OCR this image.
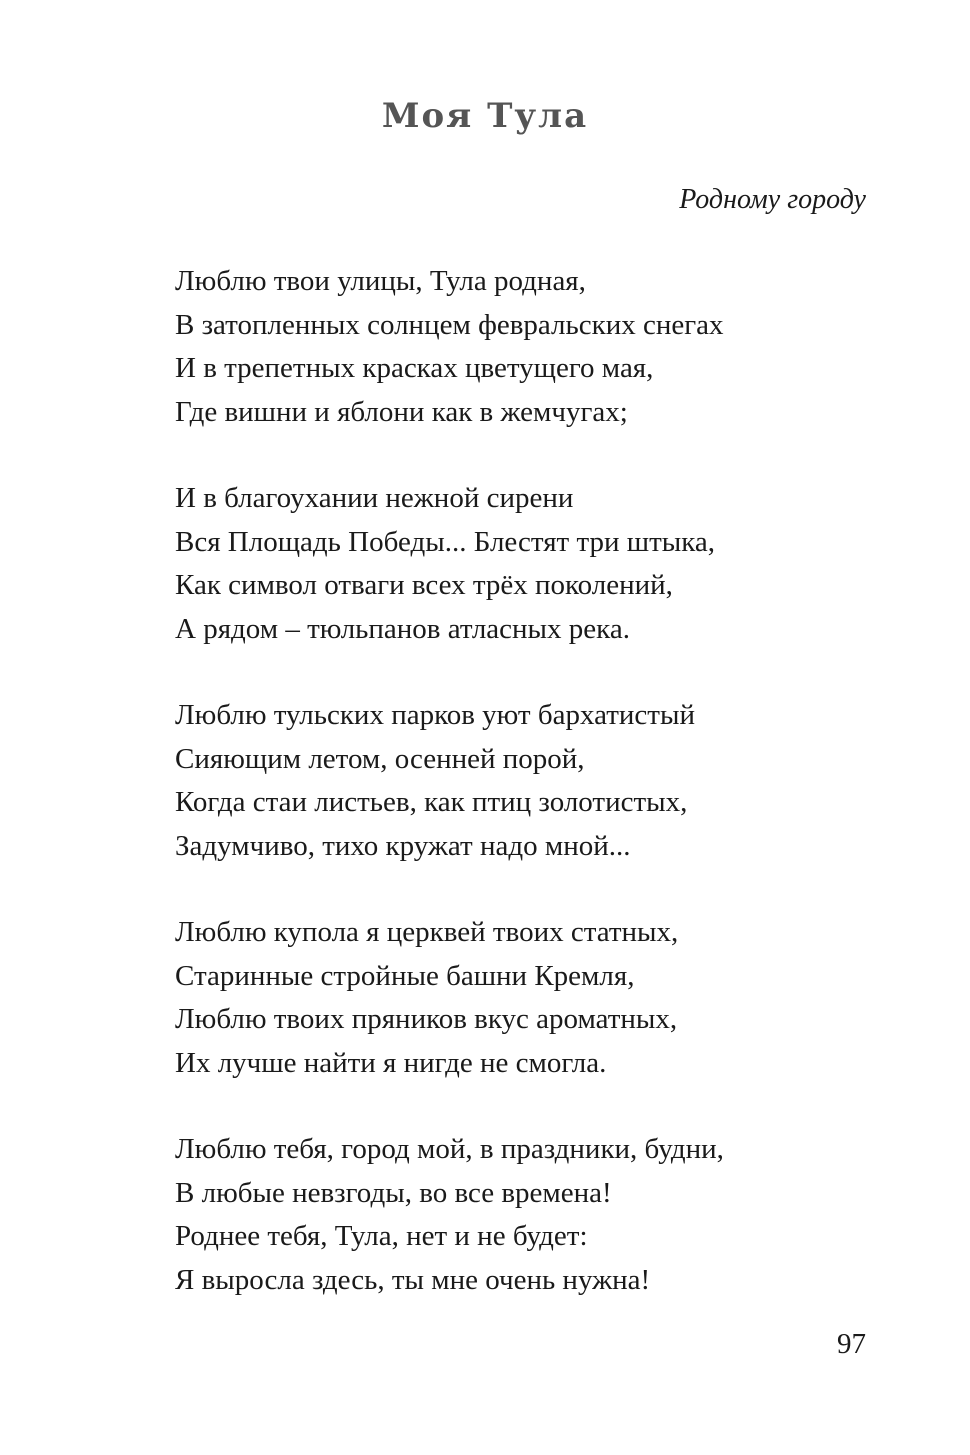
Моя Тула
Родному городу
Люблю твои улицы, Тула родная,
В затопленных солнцем февральских снегах
И в трепетных красках цветущего мая,
Где вишни и яблони как в жемчугах;
И в благоухании нежной сирени
Вся Площадь Победы... Блестят три штыка,
Как символ отваги всех трёх поколений,
А рядом – тюльпанов атласных река.
Люблю тульских парков уют бархатистый
Сияющим летом, осенней порой,
Когда стаи листьев, как птиц золотистых,
Задумчиво, тихо кружат надо мной...
Люблю купола я церквей твоих статных,
Старинные стройные башни Кремля,
Люблю твоих пряников вкус ароматных,
Их лучше найти я нигде не смогла.
Люблю тебя, город мой, в праздники, будни,
В любые невзгоды, во все времена!
Роднее тебя, Тула, нет и не будет:
Я выросла здесь, ты мне очень нужна!
97
